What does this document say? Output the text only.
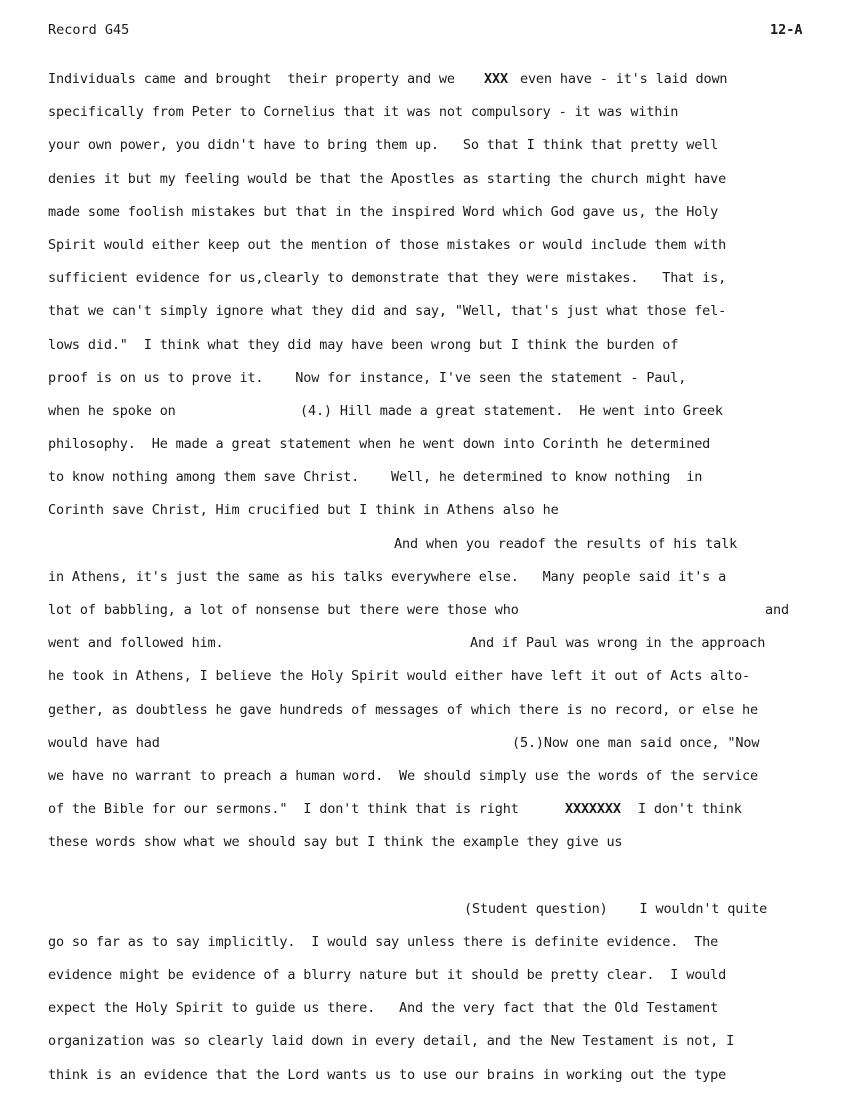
Record G45	12-A
Individuals came and brought  their property and we XXX even have - it's laid down
specifically from Peter to Cornelius that it was not compulsory - it was within
your own power, you didn't have to bring them up.   So that I think that pretty well
denies it but my feeling would be that the Apostles as starting the church might have
made some foolish mistakes but that in the inspired Word which God gave us, the Holy
Spirit would either keep out the mention of those mistakes or would include them with
sufficient evidence for us,clearly to demonstrate that they were mistakes.   That is,
that we can't simply ignore what they did and say, "Well, that's just what those fel-
lows did."  I think what they did may have been wrong but I think the burden of
proof is on us to prove it.    Now for instance, I've seen the statement - Paul,
when he spoke on	(4.) Hill made a great statement.  He went into Greek
philosophy.  He made a great statement when he went down into Corinth he determined
to know nothing among them save Christ.    Well, he determined to know nothing  in
Corinth save Christ, Him crucified but I think in Athens also he
And when you readof the results of his talk
in Athens, it's just the same as his talks everywhere else.   Many people said it's a
lot of babbling, a lot of nonsense but there were those who	and
went and followed him.	And if Paul was wrong in the approach
he took in Athens, I believe the Holy Spirit would either have left it out of Acts alto-
gether, as doubtless he gave hundreds of messages of which there is no record, or else he
would have had	(5.)Now one man said once, "Now
we have no warrant to preach a human word.  We should simply use the words of the service
of the Bible for our sermons."  I don't think that is right	XXXXXXX I don't think
these words show what we should say but I think the example they give us
(Student question)    I wouldn't quite
go so far as to say implicitly.  I would say unless there is definite evidence.  The
evidence might be evidence of a blurry nature but it should be pretty clear.  I would
expect the Holy Spirit to guide us there.   And the very fact that the Old Testament
organization was so clearly laid down in every detail, and the New Testament is not, I
think is an evidence that the Lord wants us to use our brains in working out the type
